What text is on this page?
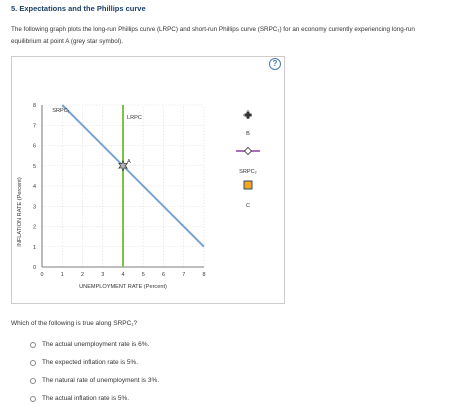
5. Expectations and the Phillips curve
The following graph plots the long-run Phillips curve (LRPC) and short-run Phillips curve (SRPC₁) for an economy currently experiencing long-run
equilibrium at point A (grey star symbol).
INFLATION RATE (Percent)
UNEMPLOYMENT RATE (Percent)
0	1	2	3	4	5	6	7	8
0
1
2
3
4
5
6
7
8
SRPC₁
LRPC
A
B
SRPC₂
C
?
Which of the following is true along SRPC₁?
The actual unemployment rate is 6%.
The expected inflation rate is 5%.
The natural rate of unemployment is 3%.
The actual inflation rate is 5%.
